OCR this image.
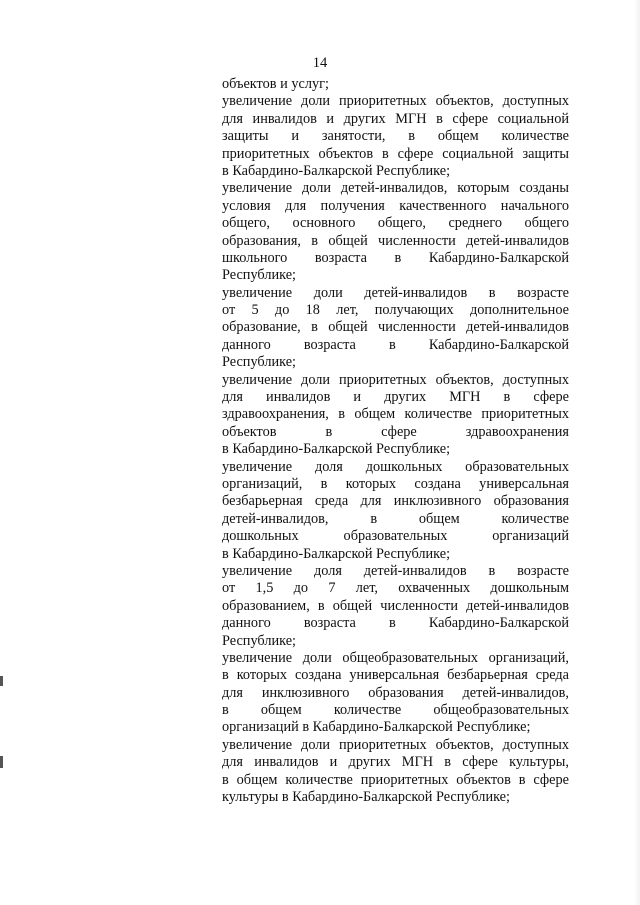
14
объектов и услуг;
увеличение доли приоритетных объектов, доступных
для инвалидов и других МГН в сфере социальной
защиты и занятости, в общем количестве
приоритетных объектов в сфере социальной защиты
в Кабардино-Балкарской Республике;
увеличение доли детей-инвалидов, которым созданы
условия для получения качественного начального
общего, основного общего, среднего общего
образования, в общей численности детей-инвалидов
школьного возраста в Кабардино-Балкарской
Республике;
увеличение доли детей-инвалидов в возрасте
от 5 до 18 лет, получающих дополнительное
образование, в общей численности детей-инвалидов
данного возраста в Кабардино-Балкарской
Республике;
увеличение доли приоритетных объектов, доступных
для инвалидов и других МГН в сфере
здравоохранения, в общем количестве приоритетных
объектов в сфере здравоохранения
в Кабардино-Балкарской Республике;
увеличение доля дошкольных образовательных
организаций, в которых создана универсальная
безбарьерная среда для инклюзивного образования
детей-инвалидов, в общем количестве
дошкольных образовательных организаций
в Кабардино-Балкарской Республике;
увеличение доля детей-инвалидов в возрасте
от 1,5 до 7 лет, охваченных дошкольным
образованием, в общей численности детей-инвалидов
данного возраста в Кабардино-Балкарской
Республике;
увеличение доли общеобразовательных организаций,
в которых создана универсальная безбарьерная среда
для инклюзивного образования детей-инвалидов,
в общем количестве общеобразовательных
организаций в Кабардино-Балкарской Республике;
увеличение доли приоритетных объектов, доступных
для инвалидов и других МГН в сфере культуры,
в общем количестве приоритетных объектов в сфере
культуры в Кабардино-Балкарской Республике;
